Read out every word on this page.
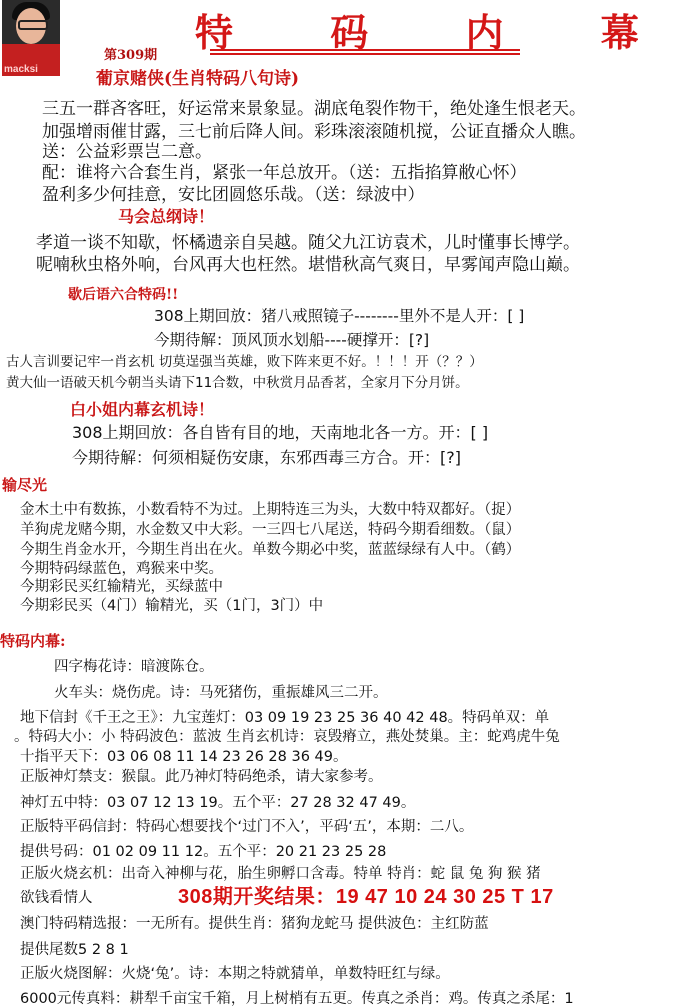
macksi
特 码 内 幕
第309期
葡京赌侠(生肖特码八句诗)
三五一群吝客旺，好运常来景象显。湖底龟裂作物干，绝处逢生恨老天。
加强增雨催甘露，三七前后降人间。彩珠滚滚随机搅，公证直播众人瞧。
送：公益彩票岂二意。
配：谁将六合套生肖，紧张一年总放开。（送：五指掐算敝心怀）
盈利多少何挂意，安比团圆悠乐哉。（送：绿波中）
马会总纲诗！
孝道一谈不知歇，怀橘遗亲自吴越。随父九江访袁术，儿时懂事长博学。
呢喃秋虫格外响，台风再大也枉然。堪惜秋高气爽日，早雾闻声隐山巅。
歇后语六合特码!!
308上期回放：猪八戒照镜子--------里外不是人开：[ ]
今期待解：顶风顶水划船----硬撑开：[?]
古人言训要记牢一肖玄机 切莫逞强当英雄，败下阵来更不好。！！！开（？？）
黄大仙一语破天机今朝当头请下11合数，中秋赏月品香茗，全家月下分月饼。
白小姐内幕玄机诗！
308上期回放：各自皆有目的地，天南地北各一方。开：[ ]
今期待解：何须相疑伤安康，东邪西毒三方合。开：[?]
输尽光
金木土中有数拣，小数看特不为过。上期特连三为头，大数中特双都好。（捉）
羊狗虎龙赌今期，水金数又中大彩。一三四七八尾送，特码今期看细数。（鼠）
今期生肖金水开，今期生肖出在火。单数今期必中奖，蓝蓝绿绿有人中。（鹤）
今期特码绿蓝色，鸡猴来中奖。
今期彩民买红输精光，买绿蓝中
今期彩民买（4门）输精光，买（1门，3门）中
特码内幕:
四字梅花诗：暗渡陈仓。
火车头：烧伤虎。诗：马死猪伤，重振雄风三二开。
地下信封《千王之王》：九宝莲灯：03 09 19 23 25 36 40 42 48。特码单双：单
。特码大小：小 特码波色：蓝波 生肖玄机诗：哀毁瘠立，燕处焚巢。主：蛇鸡虎牛兔
十指平天下：03 06 08 11 14 23 26 28 36 49。
正版神灯禁支：猴鼠。此乃神灯特码绝杀，请大家参考。
神灯五中特：03 07 12 13 19。五个平：27 28 32 47 49。
正版特平码信封：特码心想要找个‘过门不入’，平码‘五’，本期：二八。
提供号码：01 02 09 11 12。五个平：20 21 23 25 28
正版火烧玄机：出奇入神柳与花，胎生卵孵口含毒。特单 特肖：蛇 鼠 兔 狗 猴 猪
欲钱看情人	308期开奖结果：19 47 10 24 30 25 T 17
澳门特码精选报：一无所有。提供生肖：猪狗龙蛇马 提供波色：主红防蓝
提供尾数5 2 8 1
正版火烧图解：火烧‘兔’。诗：本期之特就猜单，单数特旺红与绿。
6000元传真料：耕犁千亩宝千箱，月上树梢有五更。传真之杀肖：鸡。传真之杀尾：1
